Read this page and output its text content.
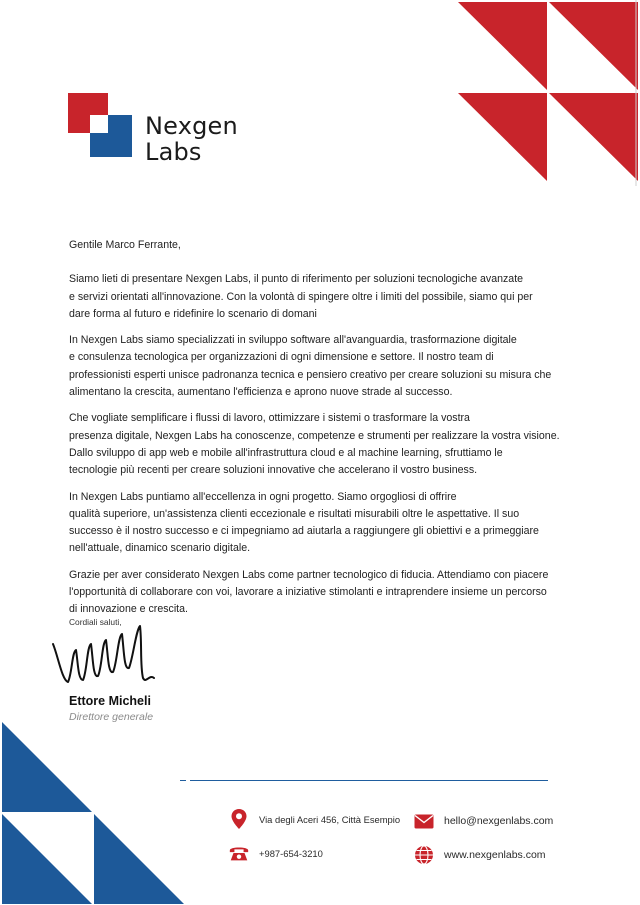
Nexgen
Labs

Gentile Marco Ferrante,

Siamo lieti di presentare Nexgen Labs, il punto di riferimento per soluzioni tecnologiche avanzate
e servizi orientati all'innovazione. Con la volontà di spingere oltre i limiti del possibile, siamo qui per
dare forma al futuro e ridefinire lo scenario di domani

In Nexgen Labs siamo specializzati in sviluppo software all'avanguardia, trasformazione digitale
e consulenza tecnologica per organizzazioni di ogni dimensione e settore. Il nostro team di
professionisti esperti unisce padronanza tecnica e pensiero creativo per creare soluzioni su misura che
alimentano la crescita, aumentano l'efficienza e aprono nuove strade al successo.

Che vogliate semplificare i flussi di lavoro, ottimizzare i sistemi o trasformare la vostra
presenza digitale, Nexgen Labs ha conoscenze, competenze e strumenti per realizzare la vostra visione.
Dallo sviluppo di app web e mobile all'infrastruttura cloud e al machine learning, sfruttiamo le
tecnologie più recenti per creare soluzioni innovative che accelerano il vostro business.

In Nexgen Labs puntiamo all'eccellenza in ogni progetto. Siamo orgogliosi di offrire
qualità superiore, un'assistenza clienti eccezionale e risultati misurabili oltre le aspettative. Il suo
successo è il nostro successo e ci impegniamo ad aiutarla a raggiungere gli obiettivi e a primeggiare
nell'attuale, dinamico scenario digitale.

Grazie per aver considerato Nexgen Labs come partner tecnologico di fiducia. Attendiamo con piacere
l'opportunità di collaborare con voi, lavorare a iniziative stimolanti e intraprendere insieme un percorso
di innovazione e crescita.

Cordiali saluti,
Ettore Micheli
Direttore generale
Via degli Aceri 456, Città Esempio
+987-654-3210
hello@nexgenlabs.com
www.nexgenlabs.com
